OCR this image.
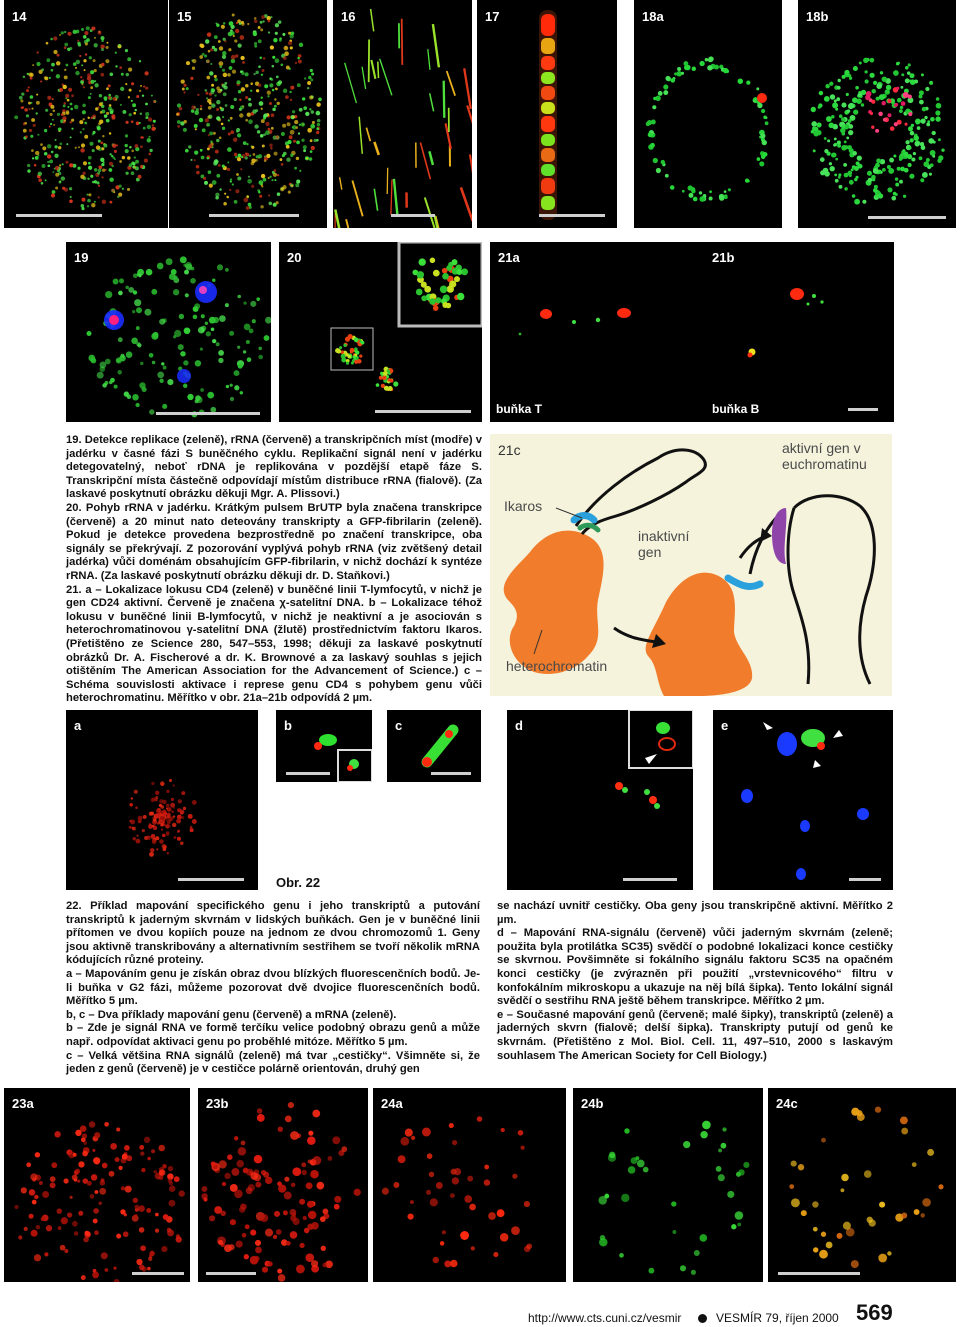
14	15	16	17	18a	18b
19	20	21a
buňka T
21b
buňka B

19. Detekce replikace (zeleně), rRNA (červeně) a transkripčních míst (modře) v jadérku v časné fázi S buněčného cyklu. Replikační signál není v jadérku detegovatelný, neboť rDNA je replikována v pozdější etapě fáze S. Transkripční místa částečně odpovídají místům distribuce rRNA (fialově). (Za laskavé poskytnutí obrázku děkuji Mgr. A. Plissovi.)

20. Pohyb rRNA v jadérku. Krátkým pulsem BrUTP byla značena transkripce (červeně) a 20 minut nato deteovány transkripty a GFP-fibrilarin (zeleně). Pokud je detekce provedena bezprostředně po značení transkripce, oba signály se překrývají. Z pozorování vyplývá pohyb rRNA (viz zvětšený detail jadérka) vůči doménám obsahujícím GFP-fibrilarin, v nichž dochází k syntéze rRNA. (Za laskavé poskytnutí obrázku děkuji dr. D. Staňkovi.)

21. a – Lokalizace lokusu CD4 (zeleně) v buněčné linii T-lymfocytů, v nichž je gen CD24 aktivní. Červeně je značena χ-satelitní DNA. b – Lokalizace téhož lokusu v buněčné linii B-lymfocytů, v nichž je neaktivní a je asociován s heterochromatinovou γ-satelitní DNA (žlutě) prostřednictvím faktoru Ikaros. (Přetištěno ze Science 280, 547–553, 1998; děkuji za laskavé poskytnutí obrázků Dr. A. Fischerové a dr. K. Brownové a za laskavý souhlas s jejich otištěním The American Association for the Advancement of Science.) c – Schéma souvislosti aktivace i represe genu CD4 s pohybem genu vůči heterochromatinu. Měřítko v obr. 21a–21b odpovídá 2 µm.

21c
Ikaros
inaktivní gen
aktivní gen v euchromatinu
heterochromatin
a	b	c	d	e
Obr. 22

22. Příklad mapování specifického genu i jeho transkriptů a putování transkriptů k jaderným skvrnám v lidských buňkách. Gen je v buněčné linii přítomen ve dvou kopiích pouze na jednom ze dvou chromozomů 1. Geny jsou aktivně transkribovány a alternativním sestřihem se tvoří několik mRNA kódujících různé proteiny.

a – Mapováním genu je získán obraz dvou blízkých fluorescenčních bodů. Je-li buňka v G2 fázi, můžeme pozorovat dvě dvojice fluorescenčních bodů. Měřítko 5 µm.

b, c – Dva příklady mapování genu (červeně) a mRNA (zeleně).

b – Zde je signál RNA ve formě terčíku velice podobný obrazu genů a může např. odpovídat aktivaci genu po proběhlé mitóze. Měřítko 5 µm.

c – Velká většina RNA signálů (zeleně) má tvar „cestičky“. Všimněte si, že jeden z genů (červeně) je v cestičce polárně orientován, druhý gen

se nachází uvnitř cestičky. Oba geny jsou transkripčně aktivní. Měřítko 2 µm.

d – Mapování RNA-signálu (červeně) vůči jaderným skvrnám (zeleně; použita byla protilátka SC35) svědčí o podobné lokalizaci konce cestičky se skvrnou. Povšimněte si fokálního signálu faktoru SC35 na opačném konci cestičky (je zvýrazněn při použití „vrstevnicového“ filtru v konfokálním mikroskopu a ukazuje na něj bílá šipka). Tento lokální signál svědčí o sestřihu RNA ještě během transkripce. Měřítko 2 µm.

e – Současné mapování genů (červeně; malé šipky), transkriptů (zeleně) a jaderných skvrn (fialově; delší šipka). Transkripty putují od genů ke skvrnám. (Přetištěno z Mol. Biol. Cell. 11, 497–510, 2000 s laskavým souhlasem The American Society for Cell Biology.)

23a	23b	24a	24b	24c
http://www.cts.cuni.cz/vesmir	VESMÍR 79, říjen 2000 569
